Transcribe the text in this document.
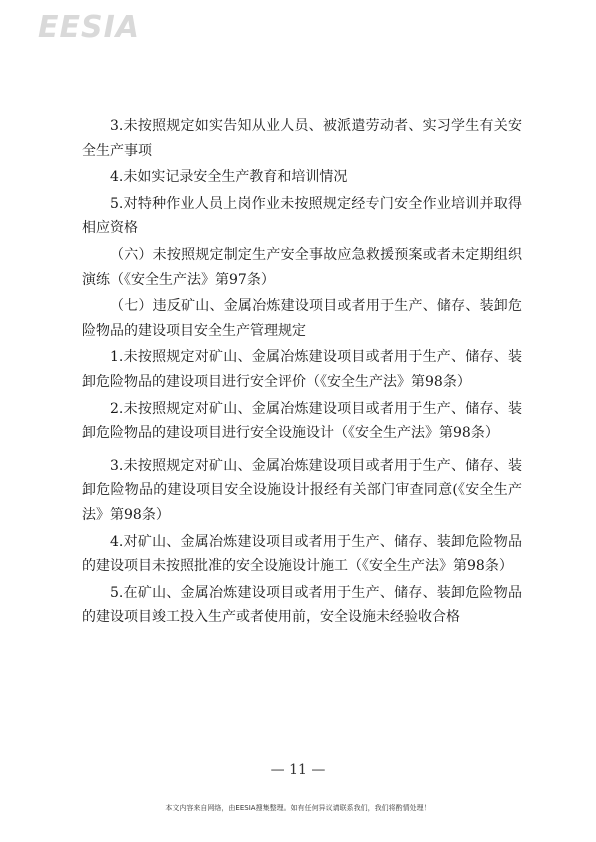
EESIA

3.未按照规定如实告知从业人员、被派遣劳动者、实习学生有关安全生产事项

4.未如实记录安全生产教育和培训情况

5.对特种作业人员上岗作业未按照规定经专门安全作业培训并取得相应资格

（六）未按照规定制定生产安全事故应急救援预案或者未定期组织演练（《安全生产法》第97条）

（七）违反矿山、金属冶炼建设项目或者用于生产、储存、装卸危险物品的建设项目安全生产管理规定

1.未按照规定对矿山、金属冶炼建设项目或者用于生产、储存、装卸危险物品的建设项目进行安全评价（《安全生产法》第98条）

2.未按照规定对矿山、金属冶炼建设项目或者用于生产、储存、装卸危险物品的建设项目进行安全设施设计（《安全生产法》第98条）

3.未按照规定对矿山、金属冶炼建设项目或者用于生产、储存、装卸危险物品的建设项目安全设施设计报经有关部门审查同意(《安全生产法》第98条）

4.对矿山、金属冶炼建设项目或者用于生产、储存、装卸危险物品的建设项目未按照批准的安全设施设计施工（《安全生产法》第98条）

5.在矿山、金属冶炼建设项目或者用于生产、储存、装卸危险物品的建设项目竣工投入生产或者使用前，安全设施未经验收合格

— 11 —
本文内容来自网络，由EESIA搜集整理。如有任何异议请联系我们，我们将酌情处理！
